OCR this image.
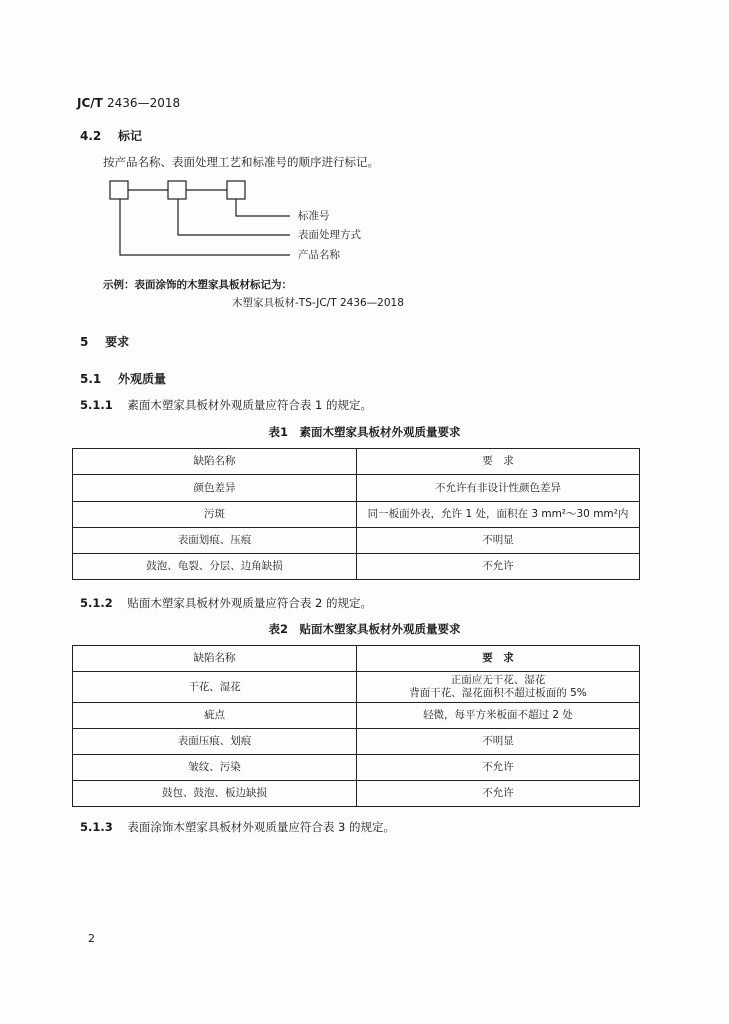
JC/T 2436—2018
4.2 标记
按产品名称、表面处理工艺和标准号的顺序进行标记。
标准号
表面处理方式
产品名称
示例：表面涂饰的木塑家具板材标记为：
木塑家具板材-TS-JC/T 2436—2018
5 要求
5.1 外观质量
5.1.1 素面木塑家具板材外观质量应符合表 1 的规定。
表1　素面木塑家具板材外观质量要求
缺陷名称	要　求
颜色差异	不允许有非设计性颜色差异
污斑	同一板面外表，允许 1 处，面积在 3 mm²～30 mm²内
表面划痕、压痕	不明显
鼓泡、龟裂、分层、边角缺损	不允许
5.1.2 贴面木塑家具板材外观质量应符合表 2 的规定。
表2　贴面木塑家具板材外观质量要求
缺陷名称	要　求
干花、湿花	正面应无干花、湿花
背面干花、湿花面积不超过板面的 5%

疵点	轻微，每平方米板面不超过 2 处
表面压痕、划痕	不明显
皱纹、污染	不允许
鼓包、鼓泡、板边缺损	不允许
5.1.3 表面涂饰木塑家具板材外观质量应符合表 3 的规定。
2
